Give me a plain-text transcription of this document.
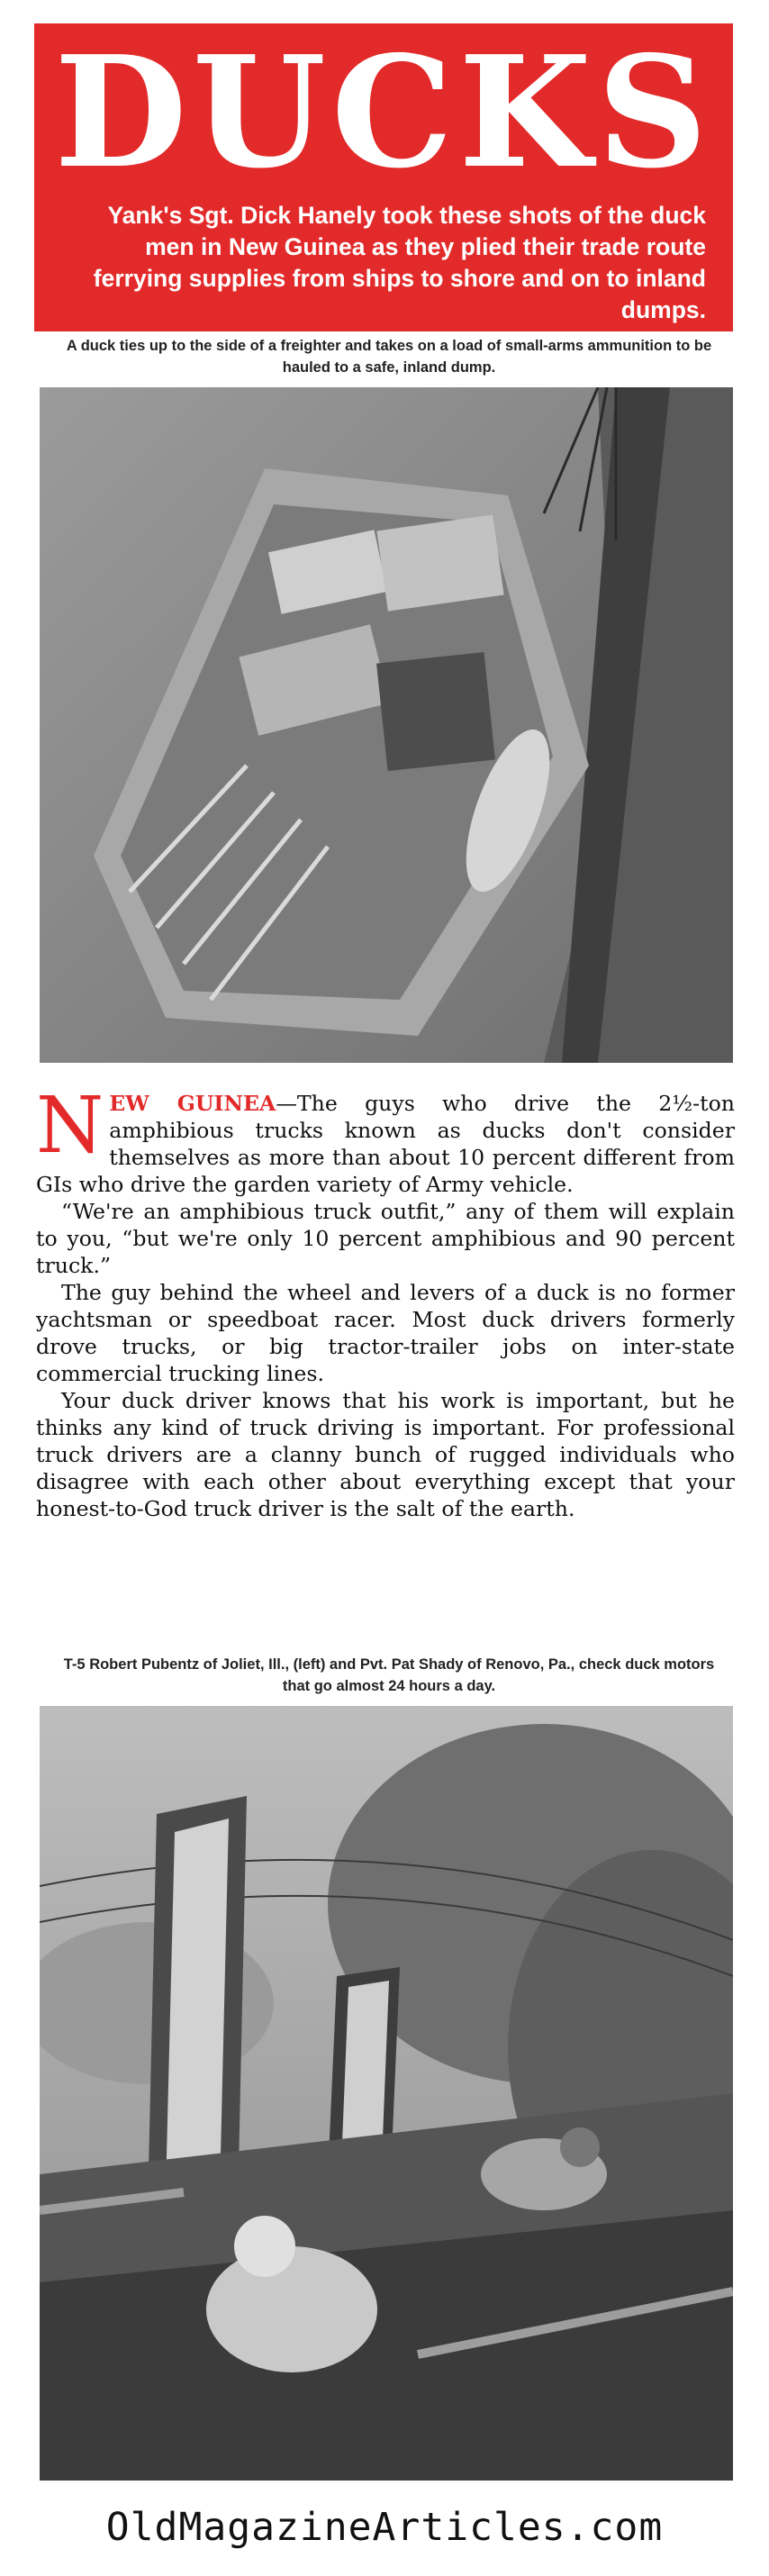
DUCKS
Yank's Sgt. Dick Hanely took these shots of the duck men in New Guinea as they plied their trade route ferrying supplies from ships to shore and on to inland dumps.
A duck ties up to the side of a freighter and takes on a load of small-arms ammunition to be hauled to a safe, inland dump.

NEW GUINEA—The guys who drive the 2½-ton amphibious trucks known as ducks don't consider themselves as more than about 10 percent different from GIs who drive the garden variety of Army vehicle.

“We're an amphibious truck outfit,” any of them will explain to you, “but we're only 10 percent amphibious and 90 percent truck.”

The guy behind the wheel and levers of a duck is no former yachtsman or speedboat racer. Most duck drivers formerly drove trucks, or big tractor-trailer jobs on inter-state commercial trucking lines.

Your duck driver knows that his work is important, but he thinks any kind of truck driving is important. For professional truck drivers are a clanny bunch of rugged individuals who disagree with each other about everything except that your honest-to-God truck driver is the salt of the earth.

T-5 Robert Pubentz of Joliet, Ill., (left) and Pvt. Pat Shady of Renovo, Pa., check duck motors that go almost 24 hours a day.
OldMagazineArticles.com
